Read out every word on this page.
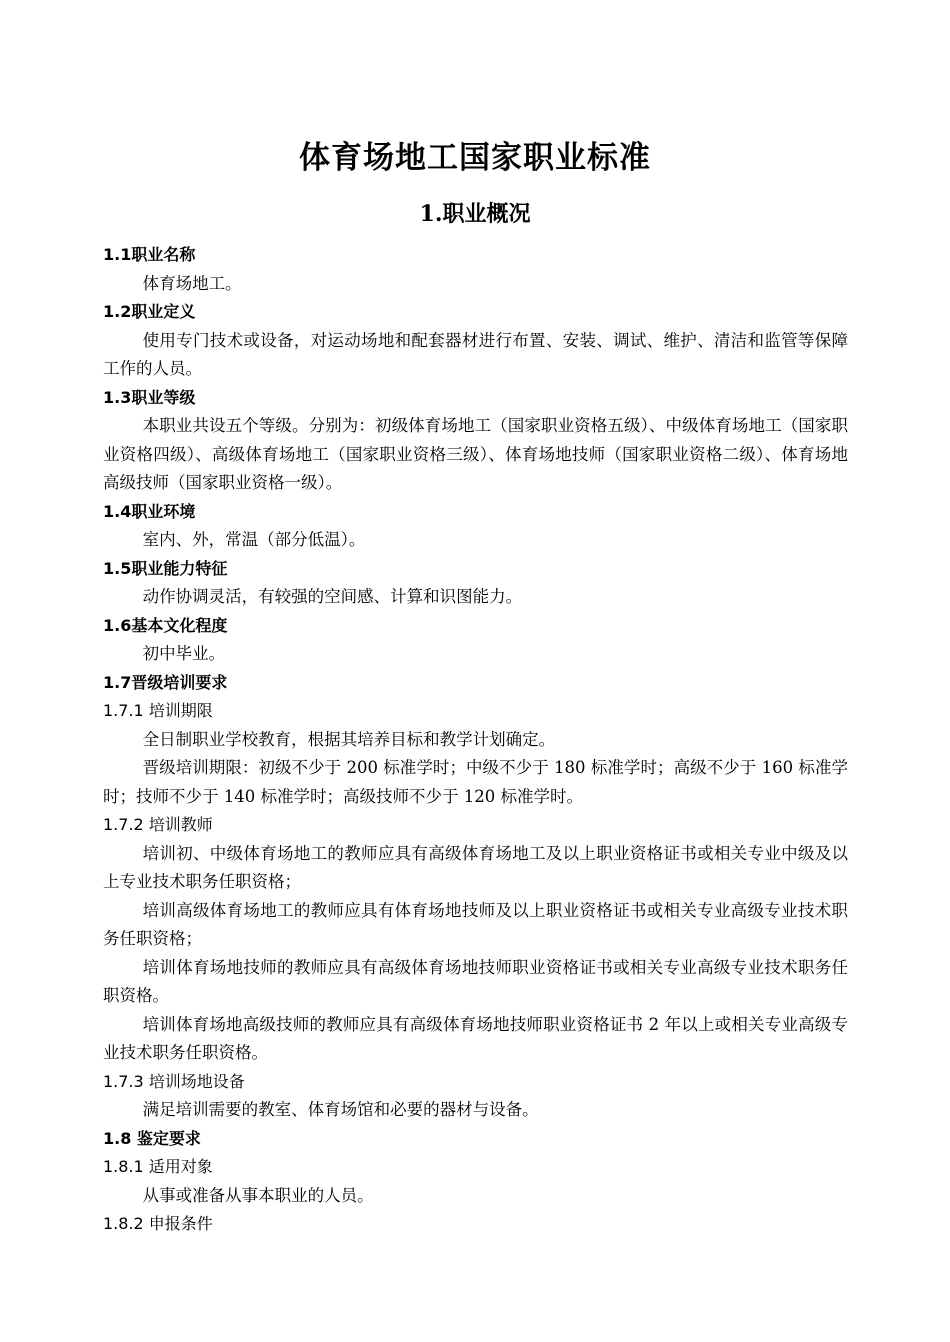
体育场地工国家职业标准
1.职业概况
1.1职业名称

体育场地工。

1.2职业定义

使用专门技术或设备，对运动场地和配套器材进行布置、安装、调试、维护、清洁和监管等保障工作的人员。

1.3职业等级

本职业共设五个等级。分别为：初级体育场地工（国家职业资格五级）、中级体育场地工（国家职业资格四级）、高级体育场地工（国家职业资格三级）、体育场地技师（国家职业资格二级）、体育场地高级技师（国家职业资格一级）。

1.4职业环境

室内、外，常温（部分低温）。

1.5职业能力特征

动作协调灵活，有较强的空间感、计算和识图能力。

1.6基本文化程度

初中毕业。

1.7晋级培训要求
1.7.1 培训期限

全日制职业学校教育，根据其培养目标和教学计划确定。

晋级培训期限：初级不少于 200 标准学时；中级不少于 180 标准学时；高级不少于 160 标准学时；技师不少于 140 标准学时；高级技师不少于 120 标准学时。

1.7.2 培训教师

培训初、中级体育场地工的教师应具有高级体育场地工及以上职业资格证书或相关专业中级及以上专业技术职务任职资格；

培训高级体育场地工的教师应具有体育场地技师及以上职业资格证书或相关专业高级专业技术职务任职资格；

培训体育场地技师的教师应具有高级体育场地技师职业资格证书或相关专业高级专业技术职务任职资格。

培训体育场地高级技师的教师应具有高级体育场地技师职业资格证书 2 年以上或相关专业高级专业技术职务任职资格。

1.7.3 培训场地设备

满足培训需要的教室、体育场馆和必要的器材与设备。

1.8 鉴定要求
1.8.1 适用对象

从事或准备从事本职业的人员。

1.8.2 申报条件
